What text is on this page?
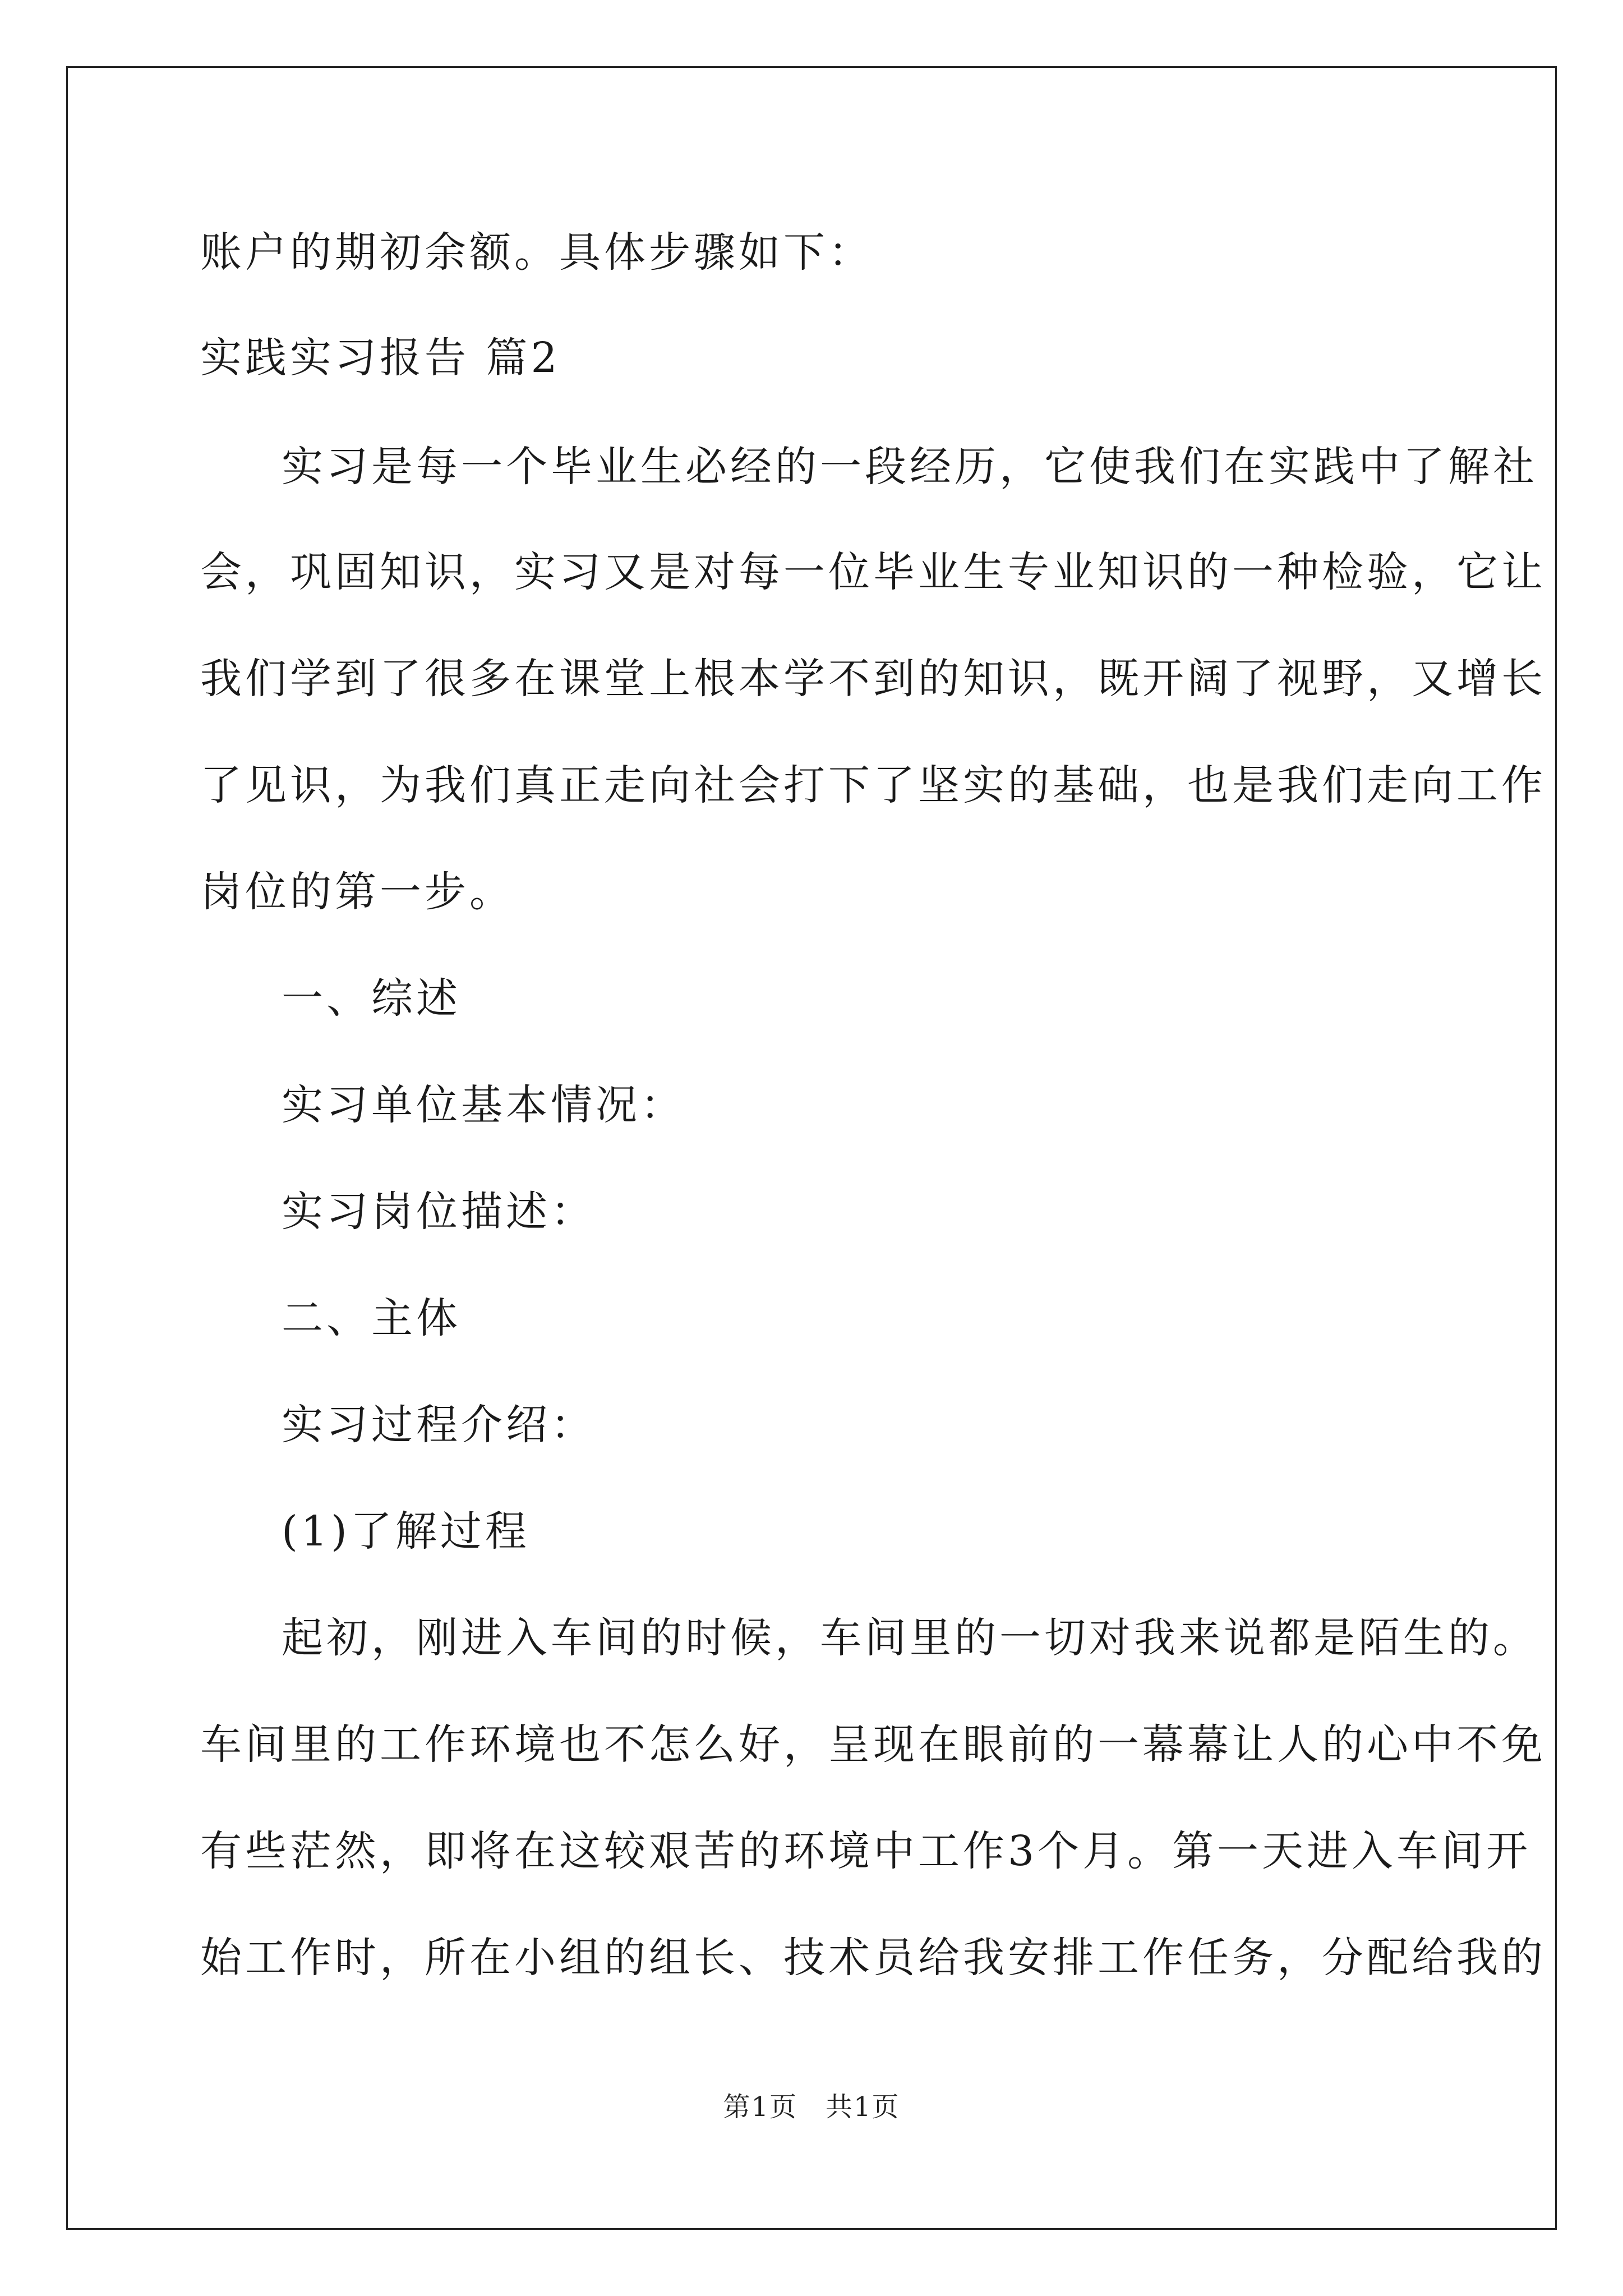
账户的期初余额。具体步骤如下：
实践实习报告 篇2
实习是每一个毕业生必经的一段经历，它使我们在实践中了解社
会，巩固知识，实习又是对每一位毕业生专业知识的一种检验，它让
我们学到了很多在课堂上根本学不到的知识，既开阔了视野，又增长
了见识，为我们真正走向社会打下了坚实的基础，也是我们走向工作
岗位的第一步。
一、综述
实习单位基本情况：
实习岗位描述：
二、主体
实习过程介绍：
(1)了解过程
起初，刚进入车间的时候，车间里的一切对我来说都是陌生的。
车间里的工作环境也不怎么好，呈现在眼前的一幕幕让人的心中不免
有些茫然，即将在这较艰苦的环境中工作3个月。第一天进入车间开
始工作时，所在小组的组长、技术员给我安排工作任务，分配给我的
第1页　共1页
